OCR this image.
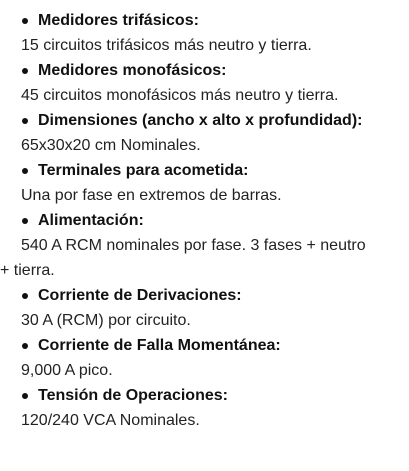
Medidores trifásicos:

15 circuitos trifásicos más neutro y tierra.

Medidores monofásicos:

45 circuitos monofásicos más neutro y tierra.

Dimensiones (ancho x alto x profundidad):

65x30x20 cm Nominales.

Terminales para acometida:

Una por fase en extremos de barras.

Alimentación:

540 A RCM nominales por fase. 3 fases + neutro + tierra.

Corriente de Derivaciones:

30 A (RCM) por circuito.

Corriente de Falla Momentánea:

9,000 A pico.

Tensión de Operaciones:

120/240 VCA Nominales.
